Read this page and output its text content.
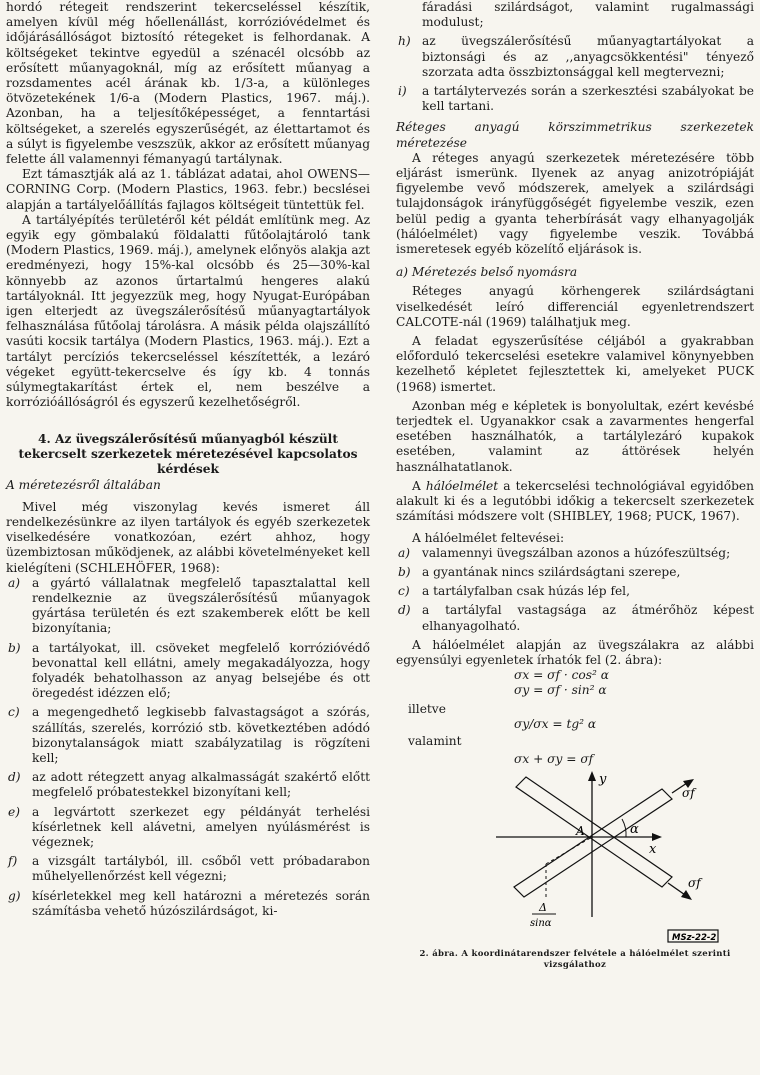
hordó rétegeit rendszerint tekercseléssel készítik, amelyen kívül még hőellenállást, korrózióvédelmet és időjárásállóságot biztosító rétegeket is felhordanak. A költségeket tekintve egyedül a szénacél olcsóbb az erősített műanyagoknál, míg az erősített műanyag a rozsdamentes acél árának kb. 1/3-a, a különleges ötvözetekének 1/6-a (Modern Plastics, 1967. máj.). Azonban, ha a teljesítőképességet, a fenntartási költségeket, a szerelés egyszerűségét, az élettartamot és a súlyt is figyelembe veszszük, akkor az erősített műanyag felette áll valamennyi fémanyagú tartálynak.

Ezt támasztják alá az 1. táblázat adatai, ahol OWENS—CORNING Corp. (Modern Plastics, 1963. febr.) becslései alapján a tartályelőállítás fajlagos költségeit tüntettük fel.

A tartályépítés területéről két példát említünk meg. Az egyik egy gömbalakú földalatti fűtőolajtároló tank (Modern Plastics, 1969. máj.), amelynek előnyös alakja azt eredményezi, hogy 15%-kal olcsóbb és 25—30%-kal könnyebb az azonos űrtartalmú hengeres alakú tartályoknál. Itt jegyezzük meg, hogy Nyugat-Európában igen elterjedt az üvegszálerősítésű műanyagtartályok felhasználása fűtőolaj tárolásra. A másik példa olajszállító vasúti kocsik tartálya (Modern Plastics, 1963. máj.). Ezt a tartályt percíziós tekercseléssel készítették, a lezáró végeket együtt-tekercselve és így kb. 4 tonnás súlymegtakarítást értek el, nem beszélve a korrózióállóságról és egyszerű kezelhetőségről.

4. Az üvegszálerősítésű műanyagból készült tekercselt szerkezetek méretezésével kapcsolatos kérdések

A méretezésről általában

Mivel még viszonylag kevés ismeret áll rendelkezésünkre az ilyen tartályok és egyéb szerkezetek viselkedésére vonatkozóan, ezért ahhoz, hogy üzembiztosan működjenek, az alábbi követelményeket kell kielégíteni (SCHLEHÖFER, 1968):

a) a gyártó vállalatnak megfelelő tapasztalattal kell rendelkeznie az üvegszálerősítésű műanyagok gyártása területén és ezt szakemberek előtt be kell bizonyítania;
b) a tartályokat, ill. csöveket megfelelő korrózióvédő bevonattal kell ellátni, amely megakadályozza, hogy folyadék behatolhasson az anyag belsejébe és ott öregedést idézzen elő;
c) a megengedhető legkisebb falvastagságot a szórás, szállítás, szerelés, korrózió stb. következtében adódó bizonytalanságok miatt szabályzatilag is rögzíteni kell;
d) az adott rétegzett anyag alkalmasságát szakértő előtt megfelelő próbatestekkel bizonyítani kell;
e) a legvártott szerkezet egy példányát terhelési kísérletnek kell alávetni, amelyen nyúlásmérést is végeznek;
f) a vizsgált tartályból, ill. csőből vett próbadarabon műhelyellenőrzést kell végezni;
g) kísérletekkel meg kell határozni a méretezés során számításba vehető húzószilárdságot, ki-
fáradási szilárdságot, valamint rugalmassági modulust;
h) az üvegszálerősítésű műanyagtartályokat a biztonsági és az ,,anyagcsökkentési" tényező szorzata adta összbiztonsággal kell megtervezni;
i) a tartálytervezés során a szerkesztési szabályokat be kell tartani.

Réteges anyagú körszimmetrikus szerkezetek méretezése

A réteges anyagú szerkezetek méretezésére több eljárást ismerünk. Ilyenek az anyag anizotrópiáját figyelembe vevő módszerek, amelyek a szilárdsági tulajdonságok irányfüggőségét figyelembe veszik, ezen belül pedig a gyanta teherbírását vagy elhanyagolják (hálóelmélet) vagy figyelembe veszik. Továbbá ismeretesek egyéb közelítő eljárások is.

a) Méretezés belső nyomásra

Réteges anyagú körhengerek szilárdságtani viselkedését leíró differenciál egyenletrendszert CALCOTE-nál (1969) találhatjuk meg.

A feladat egyszerűsítése céljából a gyakrabban előforduló tekercselési esetekre valamivel könynyebben kezelhető képletet fejlesztettek ki, amelyeket PUCK (1968) ismertet.

Azonban még e képletek is bonyolultak, ezért kevésbé terjedtek el. Ugyanakkor csak a zavarmentes hengerfal esetében használhatók, a tartálylezáró kupakok esetében, valamint az áttörések helyén használhatatlanok.

A hálóelmélet a tekercselési technológiával egyidőben alakult ki és a legutóbbi időkig a tekercselt szerkezetek számítási módszere volt (SHIBLEY, 1968; PUCK, 1967).

A hálóelmélet feltevései:

a) valamennyi üvegszálban azonos a húzófeszültség;
b) a gyantának nincs szilárdságtani szerepe,
c) a tartályfalban csak húzás lép fel,
d) a tartályfal vastagsága az átmérőhöz képest elhanyagolható.

A hálóelmélet alapján az üvegszálakra az alábbi egyensúlyi egyenletek írhatók fel (2. ábra):

σx = σf · cos² α
σy = σf · sin² α
illetve
σy/σx = tg² α
valamint
σx + σy = σf
y
x
σf
σf
α
A
Δ
sinα
MSz-22-2

2. ábra. A koordinátarendszer felvétele a hálóelmélet szerinti vizsgálathoz
